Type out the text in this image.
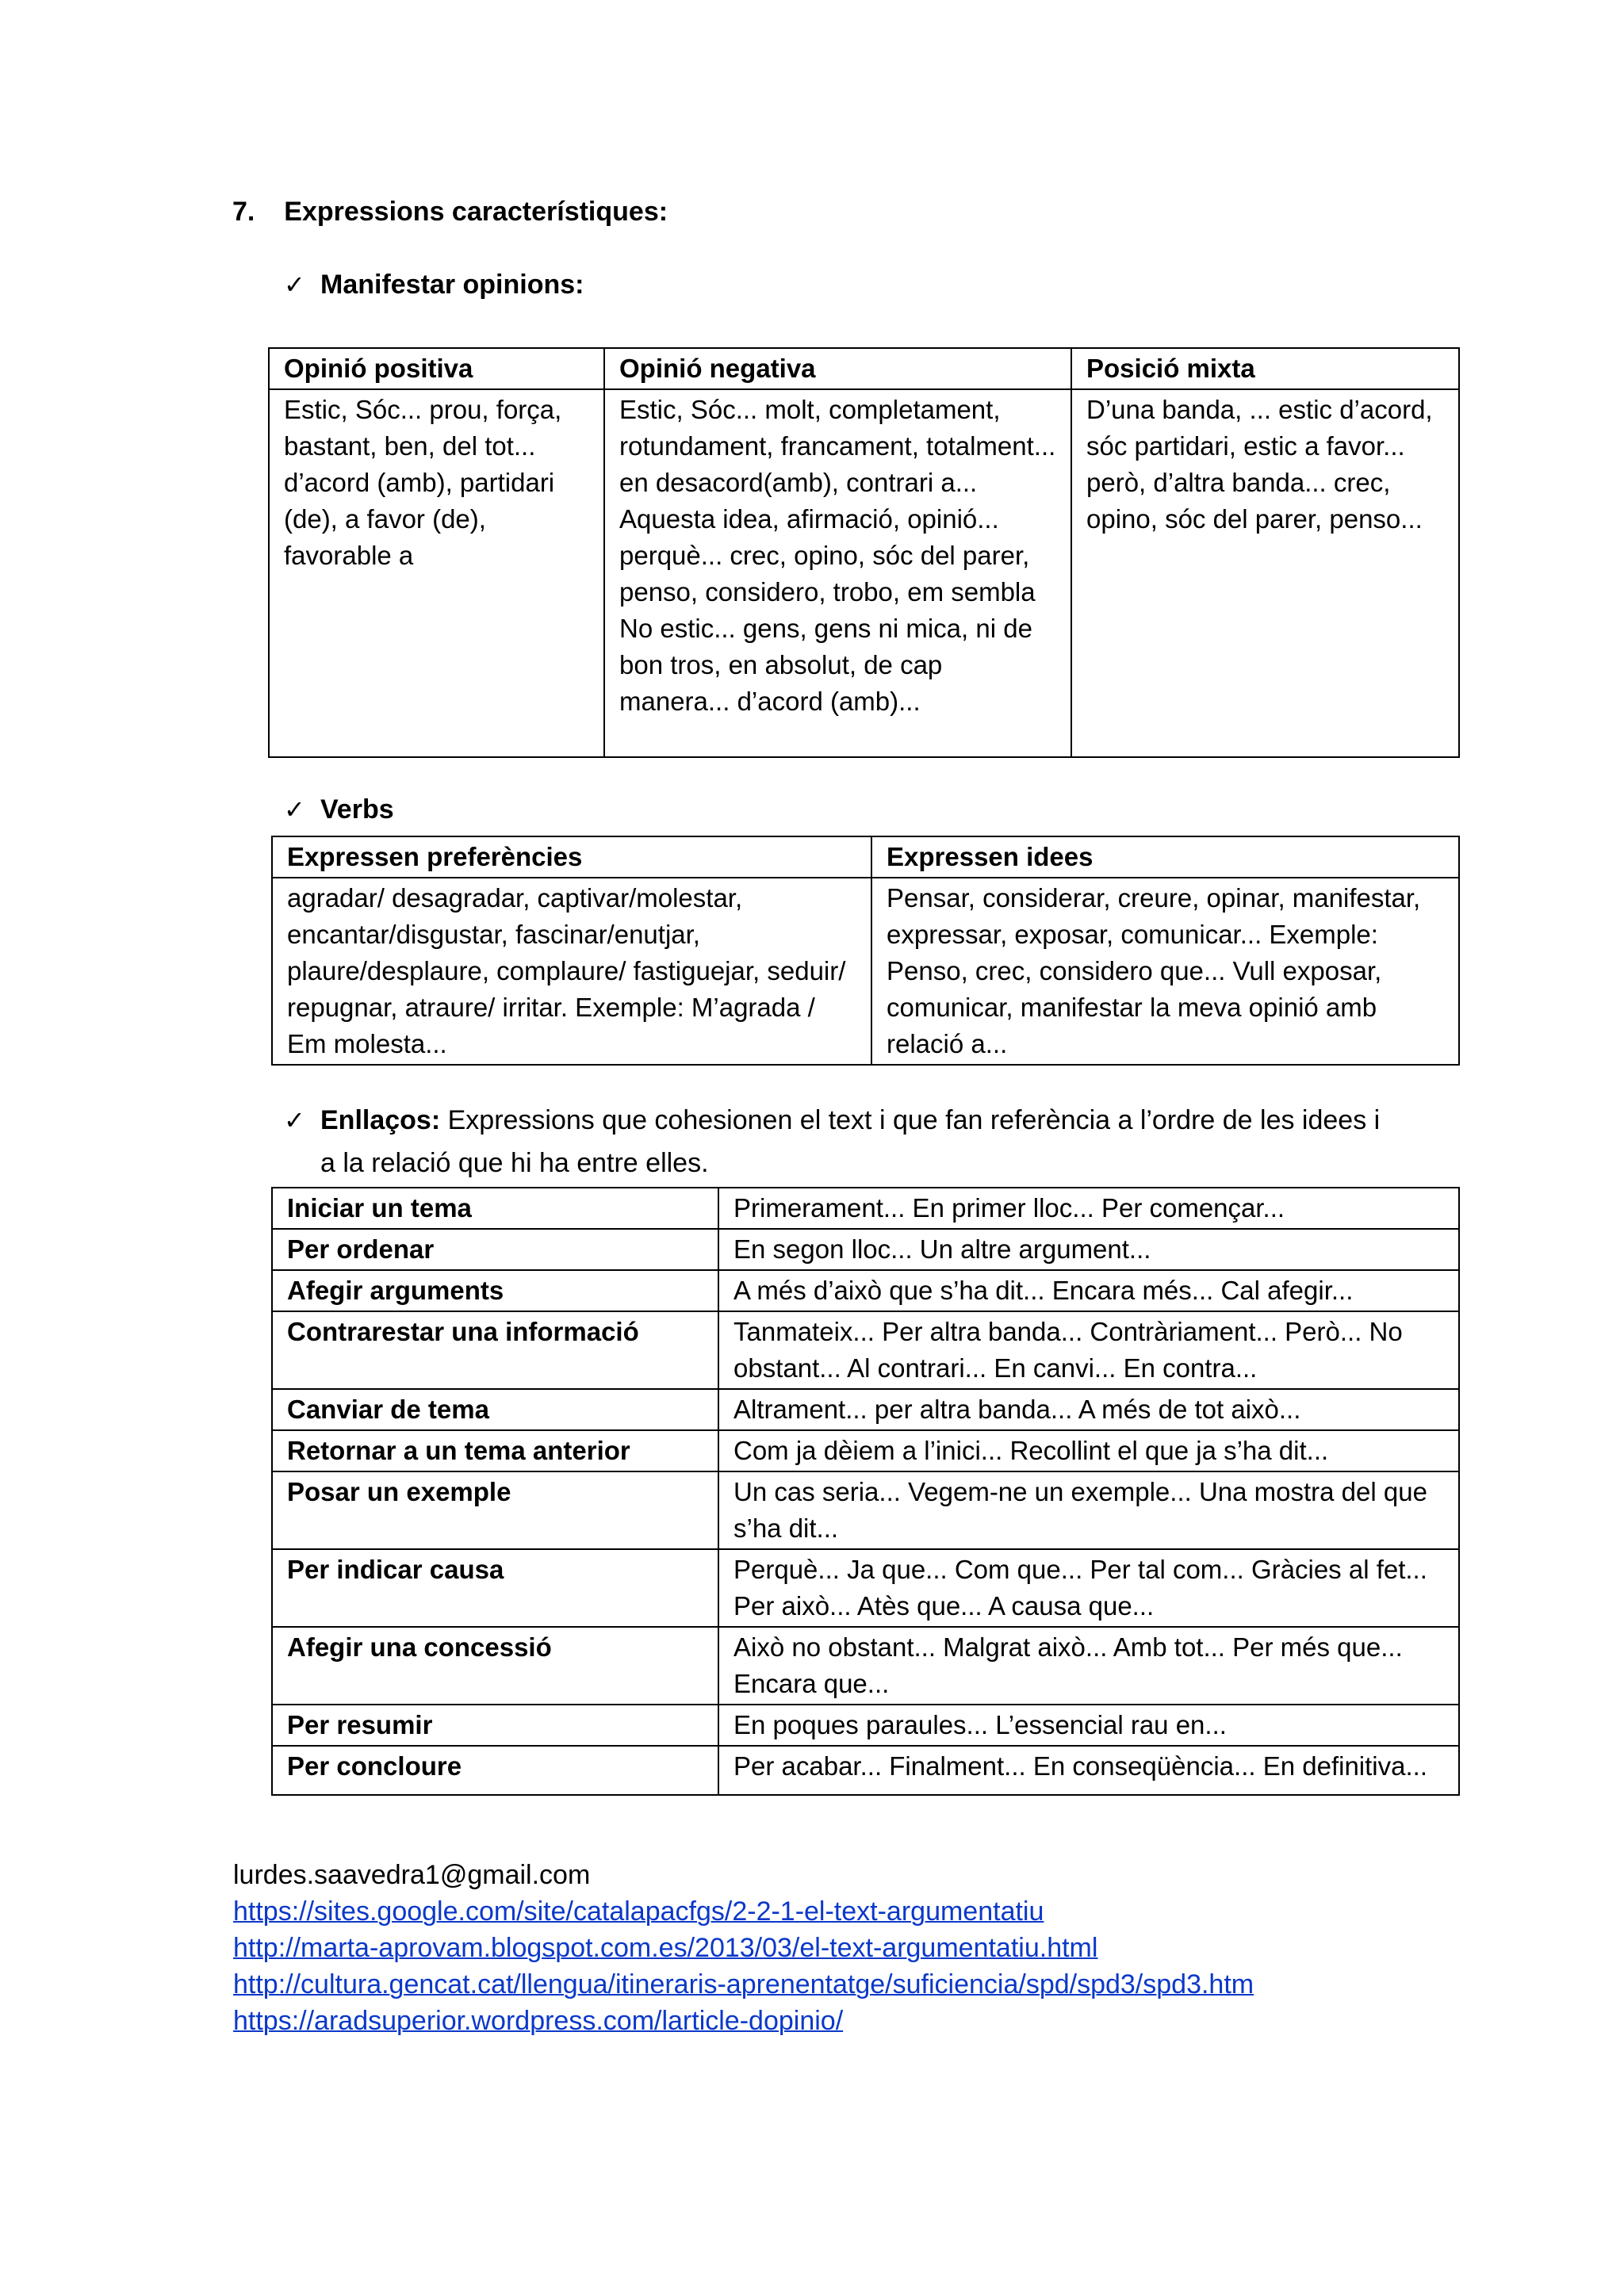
7. Expressions característiques:
✓ Manifestar opinions:
Opinió positiva	Opinió negativa	Posició mixta
Estic, Sóc... prou, força, bastant, ben, del tot... d’acord (amb), partidari (de), a favor (de), favorable a	Estic, Sóc... molt, completament, rotundament, francament, totalment... en desacord(amb), contrari a... Aquesta idea, afirmació, opinió... perquè... crec, opino, sóc del parer, penso, considero, trobo, em sembla No estic... gens, gens ni mica, ni de bon tros, en absolut, de cap manera... d’acord (amb)...	D’una banda, ... estic d’acord, sóc partidari, estic a favor... però, d’altra banda... crec, opino, sóc del parer, penso...
✓ Verbs
Expressen preferències	Expressen idees
agradar/ desagradar, captivar/molestar, encantar/disgustar, fascinar/enutjar, plaure/desplaure, complaure/ fastiguejar, seduir/ repugnar, atraure/ irritar. Exemple: M’agrada / Em molesta...	Pensar, considerar, creure, opinar, manifestar, expressar, exposar, comunicar... Exemple: Penso, crec, considero que... Vull exposar, comunicar, manifestar la meva opinió amb relació a...
✓ Enllaços: Expressions que cohesionen el text i que fan referència a l’ordre de les idees i
a la relació que hi ha entre elles.
Iniciar un tema	Primerament... En primer lloc... Per començar...
Per ordenar	En segon lloc... Un altre argument...
Afegir arguments	A més d’això que s’ha dit... Encara més... Cal afegir...
Contrarestar una informació	Tanmateix... Per altra banda... Contràriament... Però... No obstant... Al contrari... En canvi... En contra...
Canviar de tema	Altrament... per altra banda... A més de tot això...
Retornar a un tema anterior	Com ja dèiem a l’inici... Recollint el que ja s’ha dit...
Posar un exemple	Un cas seria... Vegem-ne un exemple... Una mostra del que s’ha dit...
Per indicar causa	Perquè... Ja que... Com que... Per tal com... Gràcies al fet... Per això... Atès que... A causa que...
Afegir una concessió	Això no obstant... Malgrat això... Amb tot... Per més que... Encara que...
Per resumir	En poques paraules... L’essencial rau en...
Per concloure	Per acabar... Finalment... En conseqüència... En definitiva...
lurdes.saavedra1@gmail.com
https://sites.google.com/site/catalapacfgs/2-2-1-el-text-argumentatiu
http://marta-aprovam.blogspot.com.es/2013/03/el-text-argumentatiu.html
http://cultura.gencat.cat/llengua/itineraris-aprenentatge/suficiencia/spd/spd3/spd3.htm
https://aradsuperior.wordpress.com/larticle-dopinio/
